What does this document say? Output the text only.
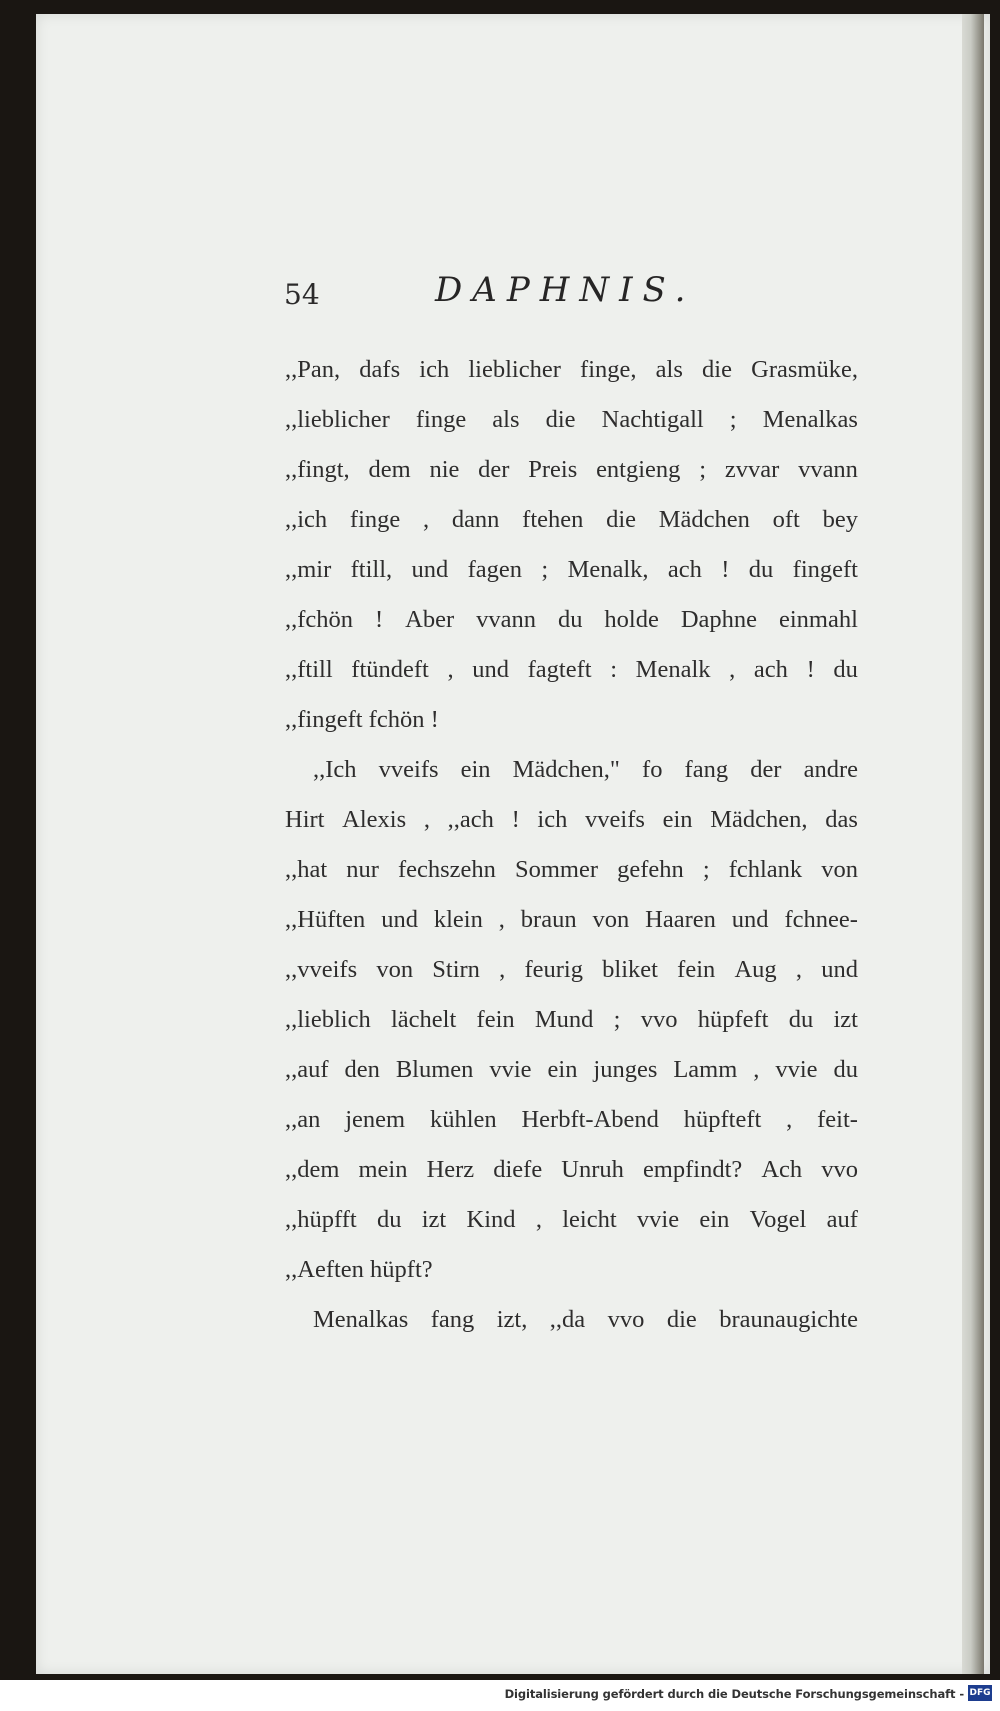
54	DAPHNIS.
,,Pan, dafs ich lieblicher finge, als die Grasmüke,
,,lieblicher finge als die Nachtigall ; Menalkas
,,fingt, dem nie der Preis entgieng ; zvvar vvann
,,ich finge , dann ftehen die Mädchen oft bey
,,mir ftill, und fagen ; Menalk, ach ! du fingeft
,,fchön ! Aber vvann du holde Daphne einmahl
,,ftill ftündeft , und fagteft : Menalk , ach ! du
,,fingeft fchön !
,,Ich vveifs ein Mädchen," fo fang der andre
Hirt Alexis , ,,ach ! ich vveifs ein Mädchen, das
,,hat nur fechszehn Sommer gefehn ; fchlank von
,,Hüften und klein , braun von Haaren und fchnee-
,,vveifs von Stirn , feurig bliket fein Aug , und
,,lieblich lächelt fein Mund ; vvo hüpfeft du izt
,,auf den Blumen vvie ein junges Lamm , vvie du
,,an jenem kühlen Herbft-Abend hüpfteft , feit-
,,dem mein Herz diefe Unruh empfindt? Ach vvo
,,hüpfft du izt Kind , leicht vvie ein Vogel auf
,,Aeften hüpft?
Menalkas fang izt, ,,da vvo die braunaugichte
Digitalisierung gefördert durch die Deutsche Forschungsgemeinschaft - DFG
